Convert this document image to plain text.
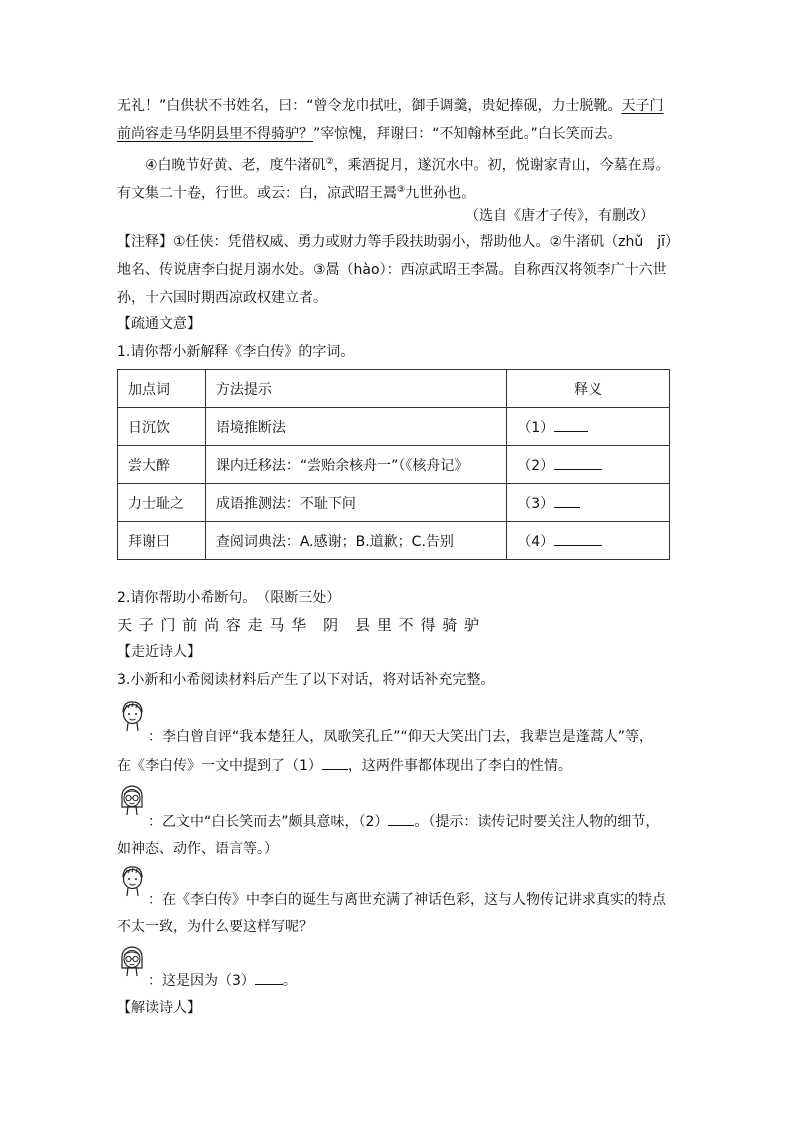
无礼！”白供状不书姓名，曰：“曾令龙巾拭吐，御手调羹，贵妃捧砚，力士脱靴。天子门
前尚容走马华阴县里不得骑驴？”宰惊愧，拜谢曰：“不知翰林至此。”白长笑而去。
④白晚节好黄、老，度牛渚矶②，乘酒捉月，遂沉水中。初，悦谢家青山，今墓在焉。
有文集二十卷，行世。或云：白，凉武昭王暠③九世孙也。
（选自《唐才子传》，有删改）
【注释】①任侠：凭借权威、勇力或财力等手段扶助弱小，帮助他人。②牛渚矶（zhǔ　jī）
地名、传说唐李白捉月溺水处。③暠（hào）：西凉武昭王李暠。自称西汉将领李广十六世
孙，十六国时期西凉政权建立者。
【疏通文意】
1.请你帮小新解释《李白传》的字词。
加点词	方法提示	释义
日沉饮	语境推断法	（1）
尝大醉	课内迁移法：“尝贻余核舟一”（《核舟记》	（2）
力士耻之	成语推测法：不耻下问	（3）
拜谢曰	查阅词典法：A.感谢；B.道歉；C.告别	（4）
2.请你帮助小希断句。　（限断三处）
天 子 门 前 尚 容 走 马 华　阴　县 里 不 得 骑 驴
【走近诗人】
3.小新和小希阅读材料后产生了以下对话，将对话补充完整。
：李白曾自评“我本楚狂人，凤歌笑孔丘”“仰天大笑出门去，我辈岂是蓬蒿人”等，
在《李白传》一文中提到了（1） ，这两件事都体现出了李白的性情。
：乙文中“白长笑而去”颇具意味，（2） 。（提示：读传记时要关注人物的细节，
如神态、动作、语言等。）
：在《李白传》中李白的诞生与离世充满了神话色彩，这与人物传记讲求真实的特点
不太一致，为什么要这样写呢？
：这是因为（3） 。
【解读诗人】
